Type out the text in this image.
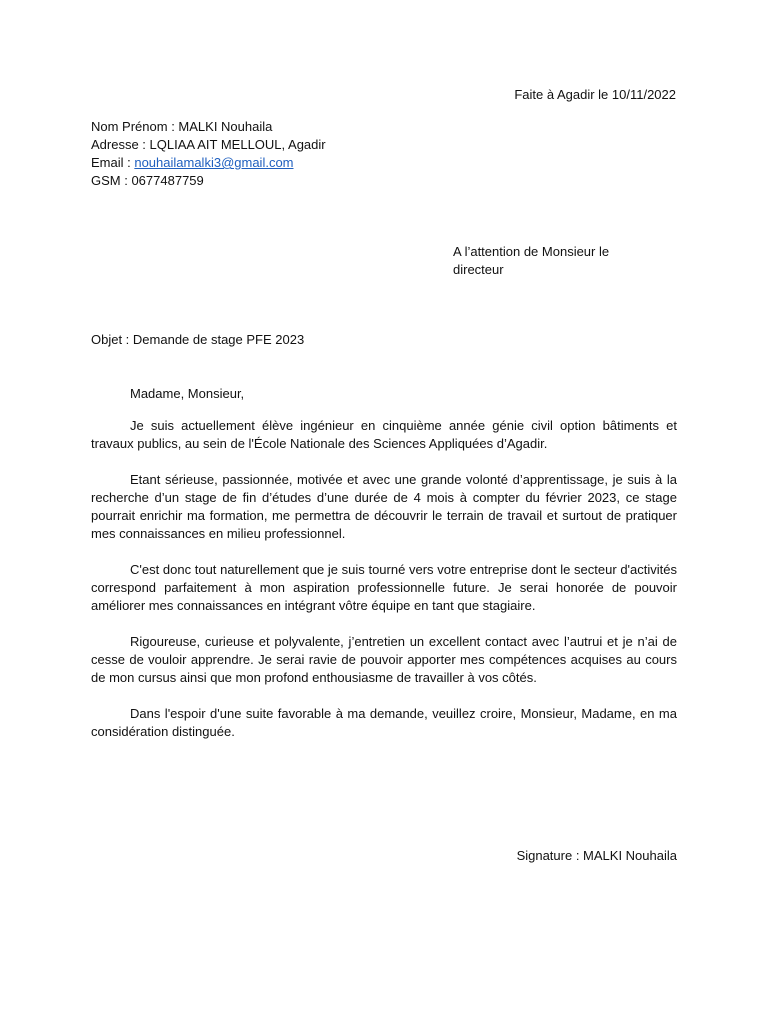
Faite à Agadir le 10/11/2022
Nom Prénom : MALKI Nouhaila
Adresse : LQLIAA AIT MELLOUL, Agadir
Email : nouhailamalki3@gmail.com
GSM : 0677487759
A l’attention de Monsieur le
directeur
Objet : Demande de stage PFE 2023

Madame, Monsieur,

Je suis actuellement élève ingénieur en cinquième année génie civil option bâtiments et travaux publics, au sein de l'École Nationale des Sciences Appliquées d’Agadir.

Etant sérieuse, passionnée, motivée et avec une grande volonté d’apprentissage, je suis à la recherche d’un stage de fin d’études d’une durée de 4 mois à compter du février 2023, ce stage pourrait enrichir ma formation, me permettra de découvrir le terrain de travail et surtout de pratiquer mes connaissances en milieu professionnel.

C'est donc tout naturellement que je suis tourné vers votre entreprise dont le secteur d'activités correspond parfaitement à mon aspiration professionnelle future. Je serai honorée de pouvoir améliorer mes connaissances en intégrant vôtre équipe en tant que stagiaire.

Rigoureuse, curieuse et polyvalente, j’entretien un excellent contact avec l’autrui et je n’ai de cesse de vouloir apprendre. Je serai ravie de pouvoir apporter mes compétences acquises au cours de mon cursus ainsi que mon profond enthousiasme de travailler à vos côtés.

Dans l'espoir d'une suite favorable à ma demande, veuillez croire, Monsieur, Madame, en ma considération distinguée.

Signature : MALKI Nouhaila
